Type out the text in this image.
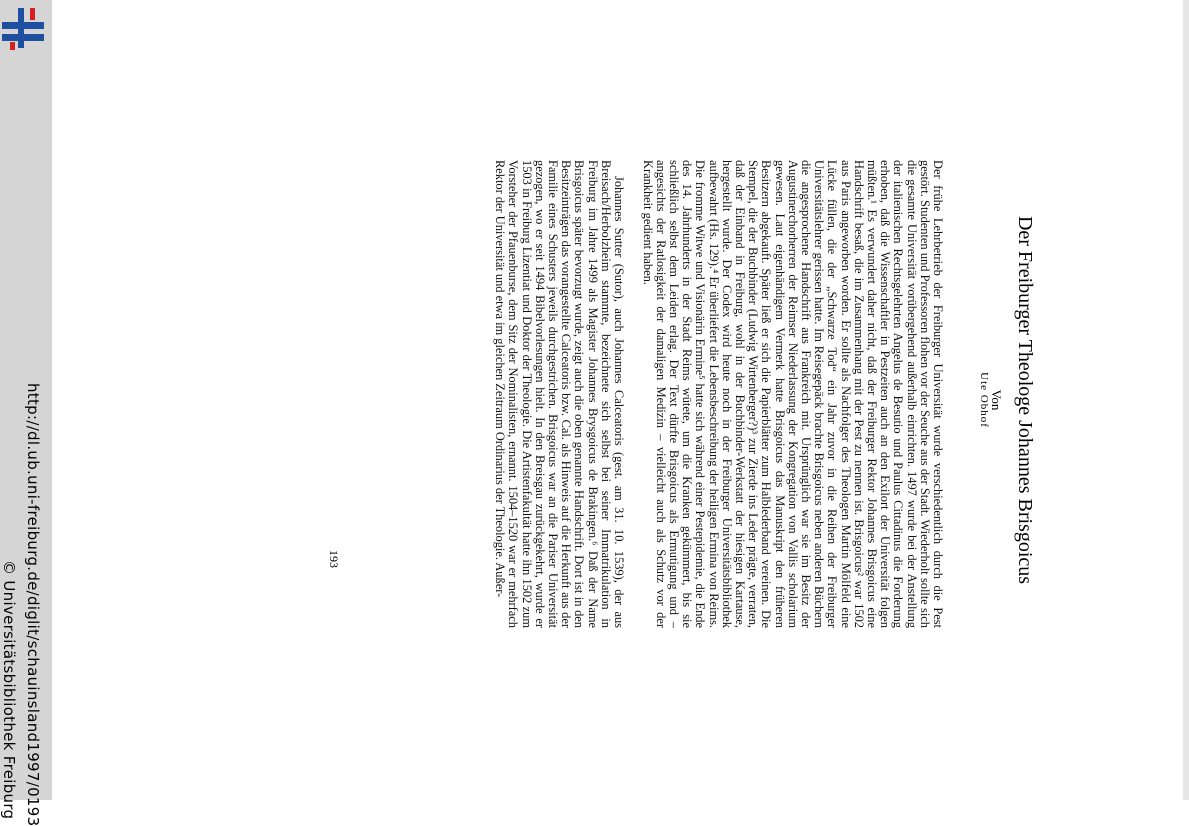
http://dl.ub.uni-freiburg.de/diglit/schauinsland1997/0193
© Universitätsbibliothek Freiburg
Der Freiburger Theologe Johannes Brisgoicus
Von
Ute Obhof
Der frühe Lehrbetrieb der Freiburger Universität wurde verschiedentlich durch die Pest gestört. Studenten und Professoren flohen vor der Seuche aus der Stadt. Wiederholt sollte sich die gesamte Universität vorübergehend außerhalb einrichten. 1497 wurde bei der Anstellung der italienischen Rechtsgelehrten Angelus de Besutio und Paulus Cittadinus die Forderung erhoben, daß die Wissenschaftler in Pestzeiten auch an den Exilort der Universität folgen müßten.¹ Es verwundert daher nicht, daß der Freiburger Rektor Johannes Brisgoicus eine Handschrift besaß, die im Zusammenhang mit der Pest zu nennen ist. Brisgoicus² war 1502 aus Paris angeworben worden. Er sollte als Nachfolger des Theologen Martin Mölfeld eine Lücke füllen, die der „Schwarze Tod“ ein Jahr zuvor in die Reihen der Freiburger Universitätslehrer gerissen hatte. Im Reisegepäck brachte Brisgoicus neben anderen Büchern die angesprochene Handschrift aus Frankreich mit. Ursprünglich war sie im Besitz der Augustinerchorherren der Reimser Niederlassung der Kongregation von Vallis scholarium gewesen. Laut eigenhändigem Vermerk hatte Brisgoicus das Manuskript den früheren Besitzern abgekauft. Später ließ er sich die Papierblätter zum Halblederband vereinen. Die Stempel, die der Buchbinder (Ludwig Wirtenberger?)³ zur Zierde ins Leder prägte, verraten, daß der Einband in Freiburg, wohl in der Buchbinder-Werkstatt der hiesigen Kartause, hergestellt wurde. Der Codex wird heute noch in der Freiburger Universitätsbibliothek aufbewahrt (Hs. 129).⁴ Er überliefert die Lebensbeschreibung der heiligen Ermina von Reims. Die fromme Witwe und Visionärin Ermine⁵ hatte sich während einer Pestepidemie, die Ende des 14. Jahrhunderts in der Stadt Reims wütete, um die Kranken gekümmert, bis sie schließlich selbst dem Leiden erlag. Der Text dürfte Brisgoicus als Ermutigung und – angesichts der Ratlosigkeit der damaligen Medizin – vielleicht auch als Schutz vor der Krankheit gedient haben.
Johannes Sutter (Sutor), auch Johannes Calceatoris (gest. am 31. 10. 1539), der aus Breisach/Herbolzheim stammte, bezeichnete sich selbst bei seiner Immatrikulation in Freiburg im Jahre 1499 als Magister Johannes Brysgoicus de Brakingen.⁶ Daß der Name Brisgoicus später bevorzugt wurde, zeigt auch die oben genannte Handschrift. Dort ist in den Besitzeinträgen das vorangestellte Calceatoris bzw. Cal. als Hinweis auf die Herkunft aus der Familie eines Schusters jeweils durchgestrichen. Brisgoicus war an die Pariser Universität gezogen, wo er seit 1494 Bibelvorlesungen hielt. In den Breisgau zurückgekehrt, wurde er 1503 in Freiburg Lizentiat und Doktor der Theologie. Die Artistenfakultät hatte ihn 1502 zum Vorsteher der Pfauenburse, dem Sitz der Nominalisten, ernannt. 1504–1520 war er mehrfach Rektor der Universität und etwa im gleichen Zeitraum Ordinarius der Theologie. Außer-
193
